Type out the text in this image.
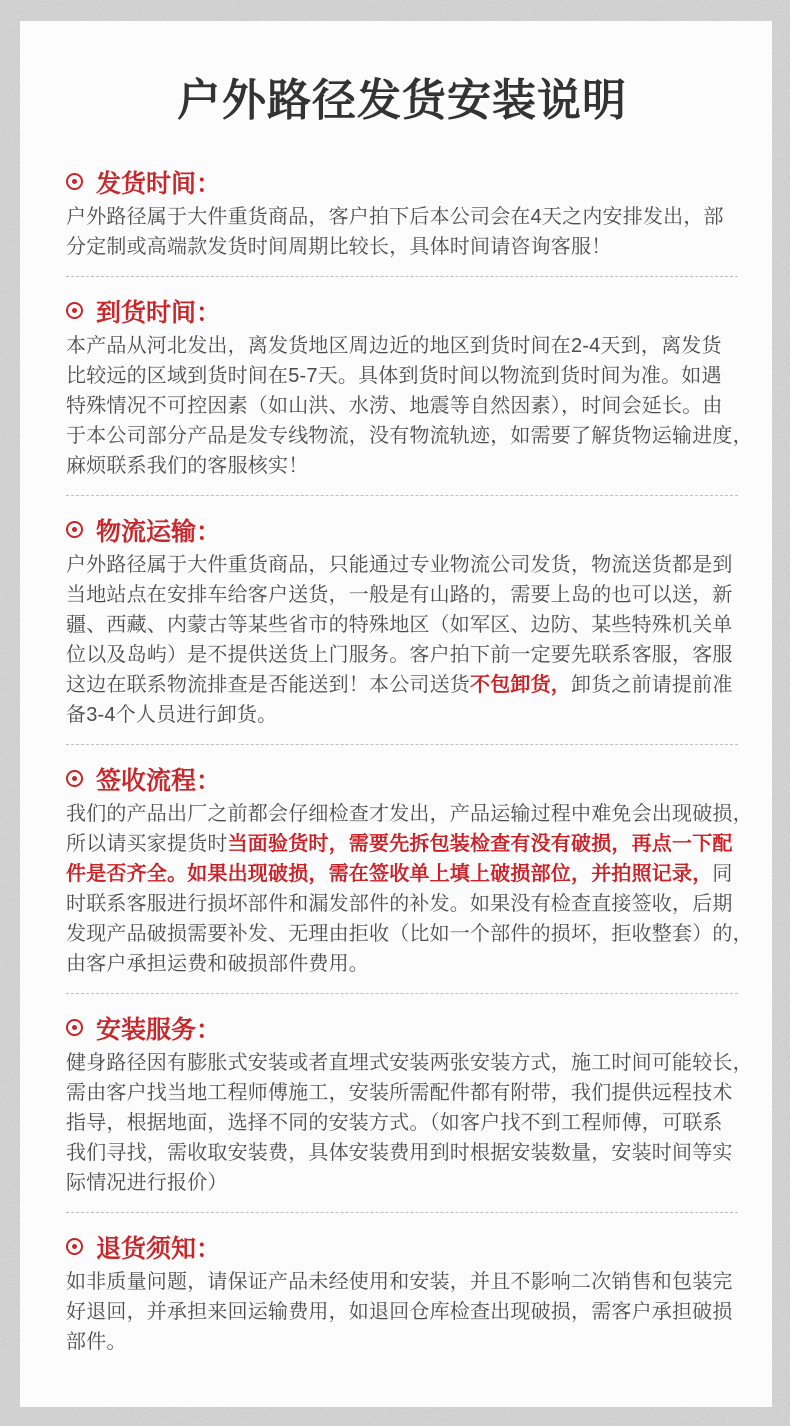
户外路径发货安装说明
发货时间：
户外路径属于大件重货商品，客户拍下后本公司会在4天之内安排发出，部
分定制或高端款发货时间周期比较长，具体时间请咨询客服！
到货时间：
本产品从河北发出，离发货地区周边近的地区到货时间在2-4天到，离发货
比较远的区域到货时间在5-7天。具体到货时间以物流到货时间为准。如遇
特殊情况不可控因素（如山洪、水涝、地震等自然因素），时间会延长。由
于本公司部分产品是发专线物流，没有物流轨迹，如需要了解货物运输进度，
麻烦联系我们的客服核实！
物流运输：
户外路径属于大件重货商品，只能通过专业物流公司发货，物流送货都是到
当地站点在安排车给客户送货，一般是有山路的，需要上岛的也可以送，新
疆、西藏、内蒙古等某些省市的特殊地区（如军区、边防、某些特殊机关单
位以及岛屿）是不提供送货上门服务。客户拍下前一定要先联系客服，客服
这边在联系物流排查是否能送到！本公司送货不包卸货，卸货之前请提前准
备3-4个人员进行卸货。
签收流程：
我们的产品出厂之前都会仔细检查才发出，产品运输过程中难免会出现破损，
所以请买家提货时当面验货时，需要先拆包装检查有没有破损，再点一下配
件是否齐全。如果出现破损，需在签收单上填上破损部位，并拍照记录，同
时联系客服进行损坏部件和漏发部件的补发。如果没有检查直接签收，后期
发现产品破损需要补发、无理由拒收（比如一个部件的损坏，拒收整套）的，
由客户承担运费和破损部件费用。
安装服务：
健身路径因有膨胀式安装或者直埋式安装两张安装方式，施工时间可能较长，
需由客户找当地工程师傅施工，安装所需配件都有附带，我们提供远程技术
指导，根据地面，选择不同的安装方式。（如客户找不到工程师傅，可联系
我们寻找，需收取安装费，具体安装费用到时根据安装数量，安装时间等实
际情况进行报价）
退货须知：
如非质量问题，请保证产品未经使用和安装，并且不影响二次销售和包装完
好退回，并承担来回运输费用，如退回仓库检查出现破损，需客户承担破损
部件。
